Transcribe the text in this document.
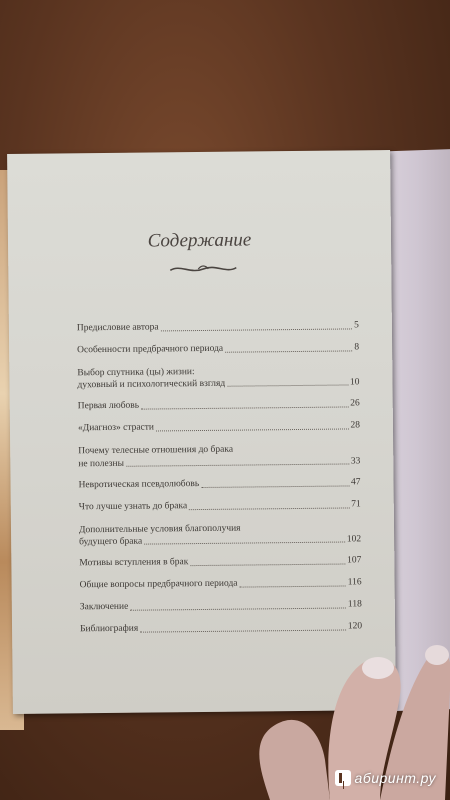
Содержание
Предисловие автора	5
Особенности предбрачного периода	8
Выбор спутника (цы) жизни:
духовный и психологический взгляд	10
Первая любовь	26
«Диагноз» страсти	28
Почему телесные отношения до брака
не полезны	33
Невротическая псевдолюбовь	47
Что лучше узнать до брака	71
Дополнительные условия благополучия
будущего брака	102
Мотивы вступления в брак	107
Общие вопросы предбрачного периода	116
Заключение	118
Библиография	120
абиринт.ру
